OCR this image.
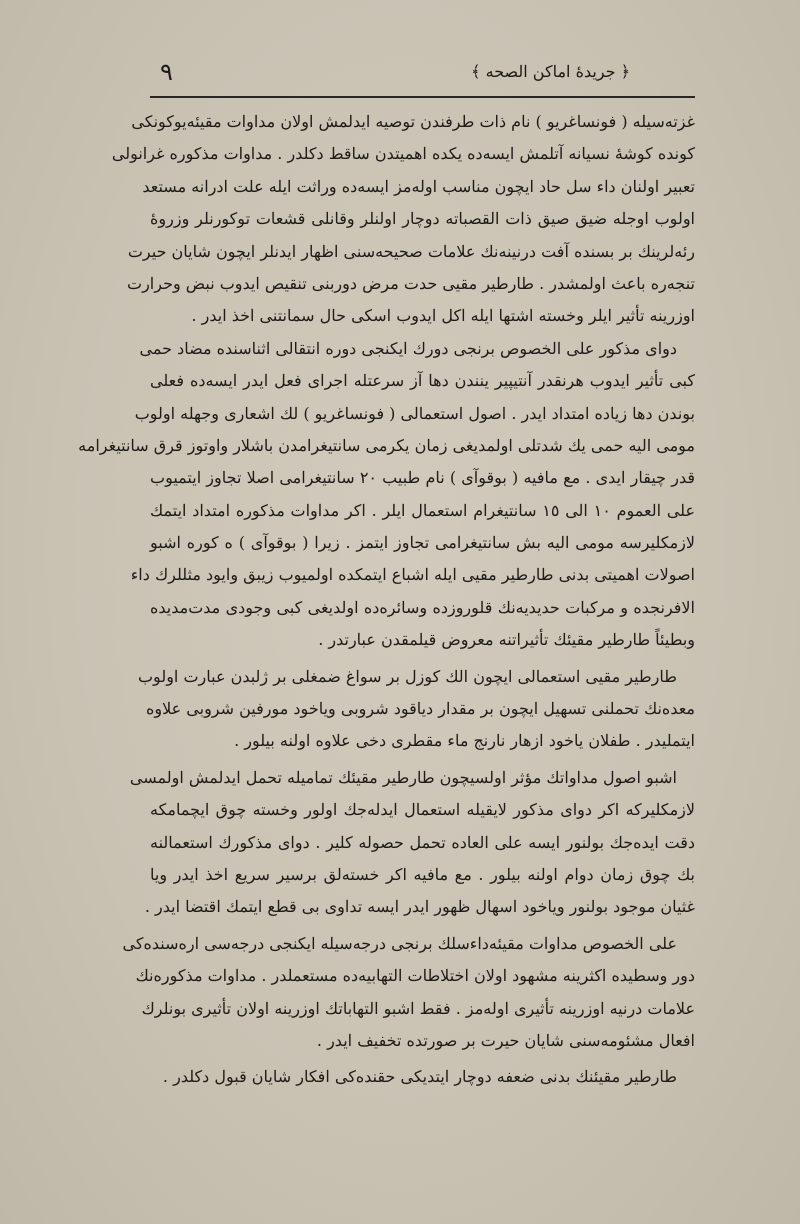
٩	﴿ جريدهٔ اماكن الصحه ﴾
غزته‌سيله ( فونساغريو ) نام ذات طرفندن توصيه ايدلمش اولان مداوات مقيئه‌يوكونكى
كونده كوشهٔ نسيانه آتلمش ايسه‌ده يكده اهميتدن ساقط دكلدر . مداوات مذكوره غرانولى
تعبير اولنان داء سل حاد ايچون مناسب اوله‌مز ايسه‌ده وراثت ايله علت ادرانه مستعد
اولوب اوجله ضيق صيق ذات القصباته دوچار اولنلر وقانلى قشعات توكورنلر وزروهٔ
رئه‌لرينك بر بسنده آفت درنينه‌نك علامات صحيحه‌سنى اظهار ايدنلر ايچون شايان حيرت
تنجه‌ره باعث اولمشدر . طارطير مقيى حدت مرض دوربنى تنقيص ايدوب نبض وحرارت
اوزرينه تأثير ايلر وخسته اشتها ايله اكل ايدوب اسكى حال سمانتنى اخذ ايدر .
دواى مذكور على الخصوص برنجى دورك ايكنجى دوره انتقالى اثناسنده مضاد حمى
كبى تأثير ايدوب هرنقدر آنتيپير ينندن دها آز سرعتله اجراى فعل ايدر ايسه‌ده فعلى
بوندن دها زياده امتداد ايدر . اصول استعمالى ( فونساغريو ) لك اشعارى وجهله اولوب
مومى اليه حمى يك شدتلى اولمديغى زمان يكرمى سانتيغرامدن باشلار واوتوز قرق سانتيغرامه
قدر چيقار ايدى . مع مافيه ( بوقوآى ) نام طبيب ٢٠ سانتيغرامى اصلا تجاوز ايتميوب
على العموم ١٠ الى ١٥ سانتيغرام استعمال ايلر . اكر مداوات مذكوره امتداد ايتمك
لازمكليرسه مومى اليه بش سانتيغرامى تجاوز ايتمز . زيرا ( بوقوآى ) ه كوره اشبو
اصولات اهميتى بدنى طارطير مقيى ايله اشباع ايتمكده اولميوب زيبق وايود مثللرك داء
الافرنجده و مركبات حديديه‌نك قلوروزده وسائره‌ده اولديغى كبى وجودى مدت‌مديده
وبطيئاً طارطير مقيئك تأثيراتنه معروض قيلمقدن عبارتدر .
طارطير مقيى استعمالى ايچون الك كوزل بر سواغ ضمغلى بر ژلبدن عبارت اولوب
معده‌نك تحملنى تسهيل ايچون بر مقدار دياقود شروبى وياخود مورفين شروبى علاوه
ايتمليدر . طفلان ياخود ازهار نارنج ماء مقطرى دخى علاوه اولنه بيلور .
اشبو اصول مداواتك مؤثر اولسيچون طارطير مقيئك تماميله تحمل ايدلمش اولمسى
لازمكليركه اكر دواى مذكور لايقيله استعمال ايدله‌جك اولور وخسته چوق ايچمامكه
دقت ايده‌جك بولنور ايسه على العاده تحمل حصوله كلير . دواى مذكورك استعمالنه
بك چوق زمان دوام اولنه بيلور . مع مافيه اكر خسته‌لق برسير سريع اخذ ايدر ويا
غثيان موجود بولنور وياخود اسهال ظهور ايدر ايسه تداوى بى قطع ايتمك اقتضا ايدر .
على الخصوص مداوات مقيئه‌داءسلك برنجى درجه‌سيله ايكنجى درجه‌سى ارەسندەكى
دور وسطيده اكثرينه مشهود اولان اختلاطات التهابيه‌ده مستعملدر . مداوات مذكوره‌نك
علامات درنيه اوزرينه تأثيرى اوله‌مز . فقط اشبو التهاباتك اوزرينه اولان تأثيرى بونلرك
افعال مشئومه‌سنى شايان حيرت بر صورتده تخفيف ايدر .
طارطير مقيئنك بدنى ضعفه دوچار ايتديكى حقنده‌كى افكار شايان قبول دكلدر .
